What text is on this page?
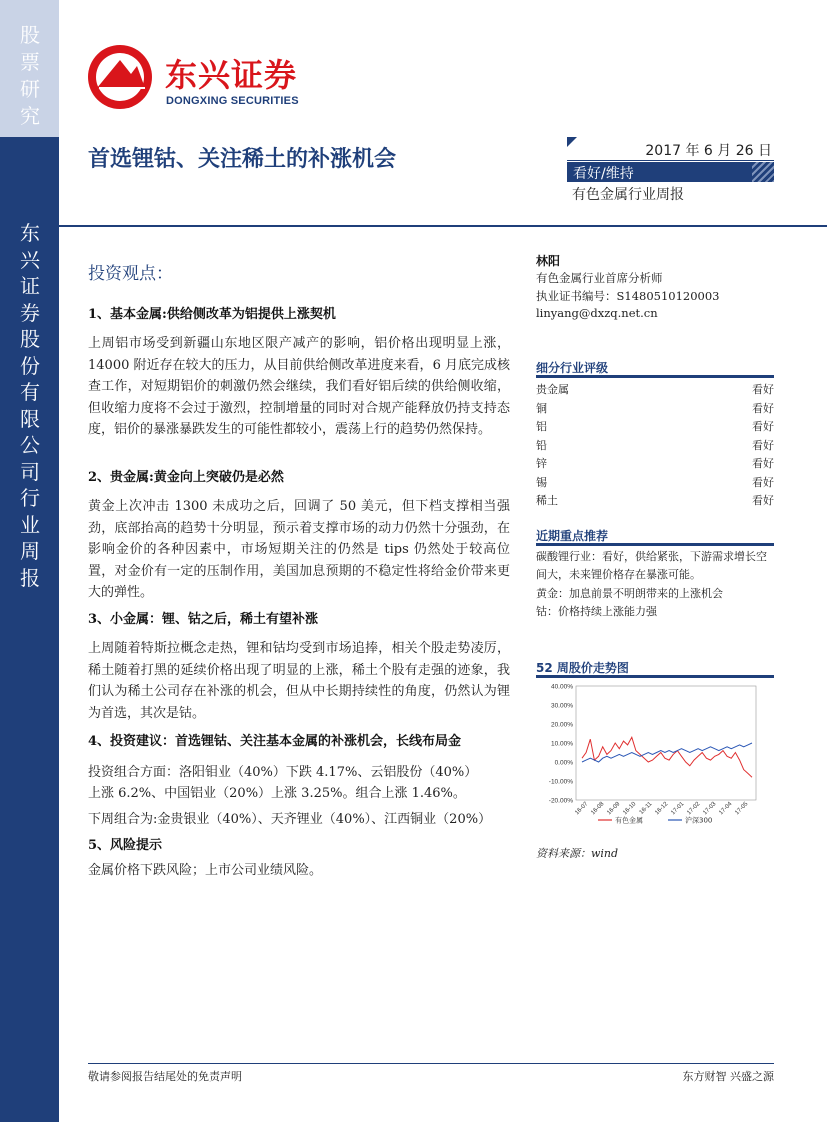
股票研究
东兴证券股份有限公司行业周报
东兴证券
DONGXING SECURITIES
首选锂钴、关注稀土的补涨机会	2017 年 6 月 26 日
看好/维持
有色金属行业周报
投资观点：
1、基本金属:供给侧改革为铝提供上涨契机
上周铝市场受到新疆山东地区限产减产的影响，铝价格出现明显上涨，14000 附近存在较大的压力，从目前供给侧改革进度来看，6 月底完成核查工作，对短期铝价的刺激仍然会继续，我们看好铝后续的供给侧收缩，但收缩力度将不会过于激烈，控制增量的同时对合规产能释放仍持支持态度，铝价的暴涨暴跌发生的可能性都较小，震荡上行的趋势仍然保持。
2、贵金属:黄金向上突破仍是必然
黄金上次冲击 1300 未成功之后，回调了 50 美元，但下档支撑相当强劲，底部抬高的趋势十分明显，预示着支撑市场的动力仍然十分强劲，在影响金价的各种因素中，市场短期关注的仍然是 tips 仍然处于较高位置，对金价有一定的压制作用，美国加息预期的不稳定性将给金价带来更大的弹性。
3、小金属：锂、钴之后，稀土有望补涨
上周随着特斯拉概念走热，锂和钴均受到市场追捧，相关个股走势凌厉，稀土随着打黑的延续价格出现了明显的上涨，稀土个股有走强的迹象，我们认为稀土公司存在补涨的机会，但从中长期持续性的角度，仍然认为锂为首选，其次是钴。
4、投资建议：首选锂钴、关注基本金属的补涨机会，长线布局金
投资组合方面：洛阳钼业（40%）下跌 4.17%、云铝股份（40%）
上涨 6.2%、中国铝业（20%）上涨 3.25%。组合上涨 1.46%。
下周组合为:金贵银业（40%）、天齐锂业（40%）、江西铜业（20%）
5、风险提示
金属价格下跌风险；上市公司业绩风险。
林阳
有色金属行业首席分析师
执业证书编号：S1480510120003
linyang@dxzq.net.cn
细分行业评级
贵金属	看好
铜	看好
铝	看好
铅	看好
锌	看好
锡	看好
稀土	看好
近期重点推荐
碳酸锂行业：看好，供给紧张，下游需求增长空间大，未来锂价格存在暴涨可能。
黄金：加息前景不明朗带来的上涨机会
钴：价格持续上涨能力强
52 周股价走势图
40.00%
30.00%
20.00%
10.00%
0.00%
-10.00%
-20.00%
16-07 16-08 16-09 16-10 16-11 16-12 17-01 17-02 17-03 17-04 17-05
有色金属	沪深300
资料来源：wind
敬请参阅报告结尾处的免责声明	东方财智 兴盛之源
